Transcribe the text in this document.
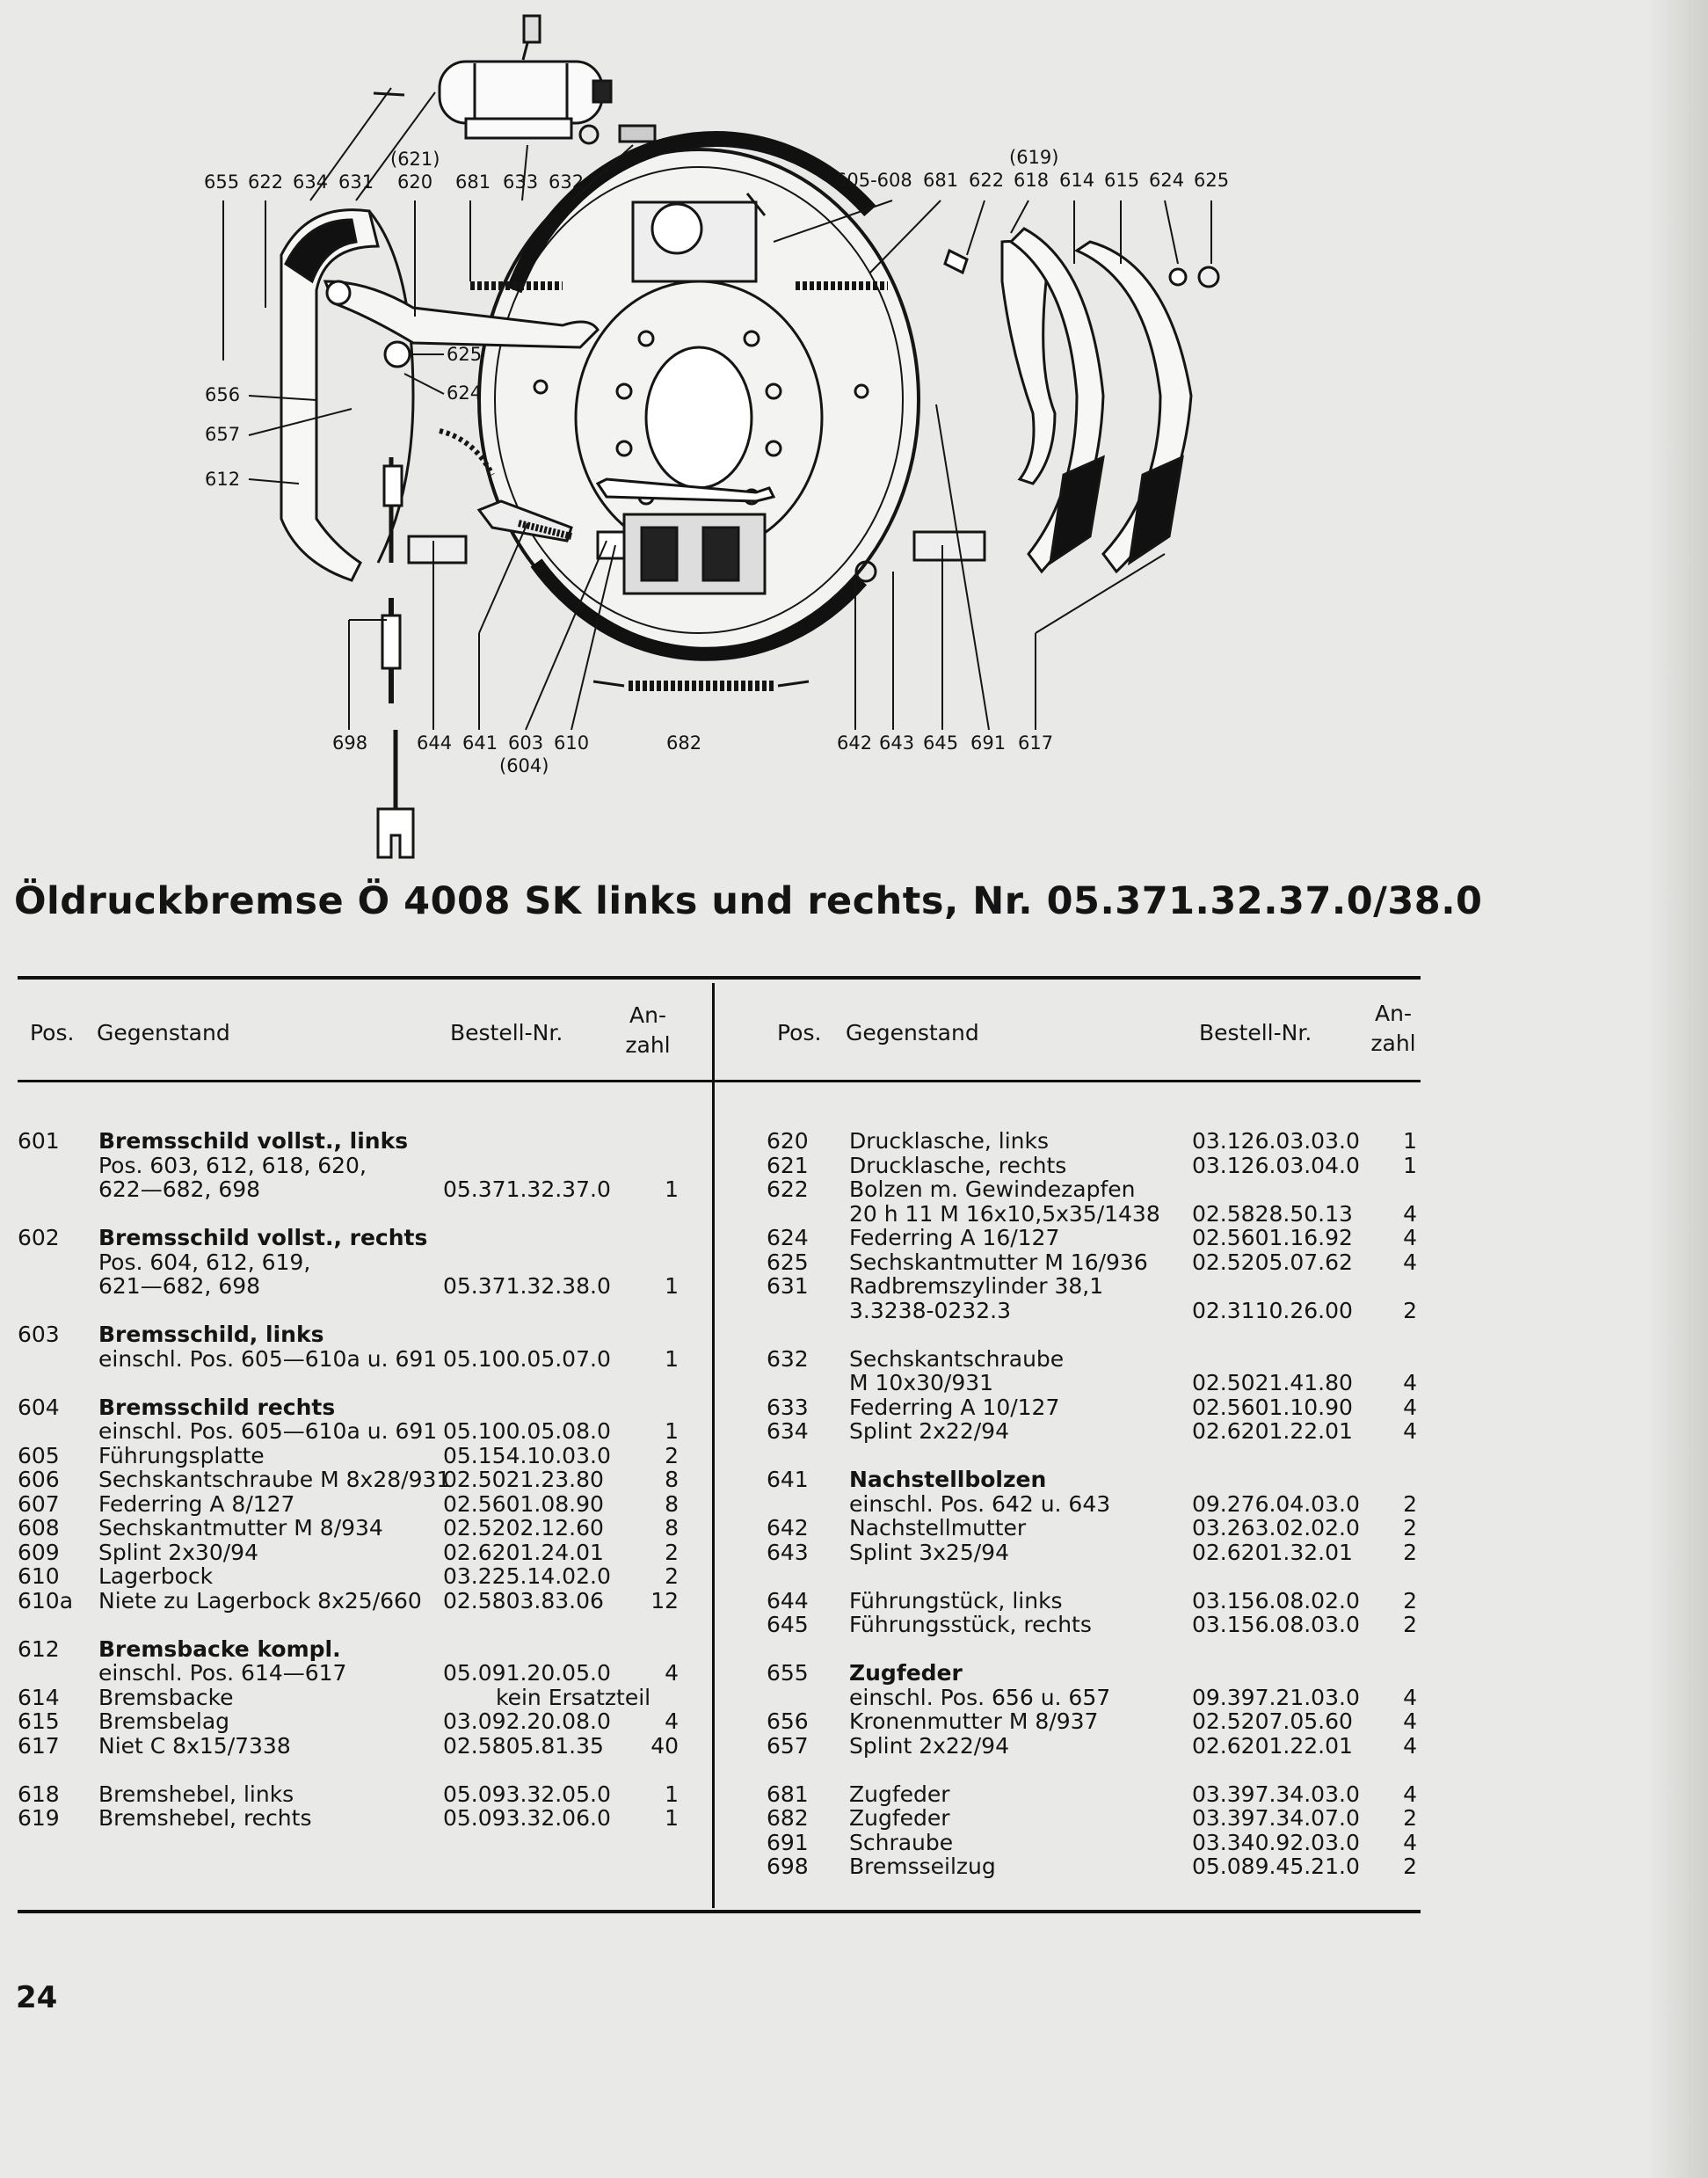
655 622 634 631 620 681 633 632
(621)
605-608 681 622 618 614 615 624 625
(619)
625
624
656
657
612
698	644 641 603 610
(604)
682	642 643 645 691 617
Öldruckbremse Ö 4008 SK links und rechts, Nr. 05.371.32.37.0/38.0
Pos. Gegenstand	Bestell-Nr.
An-
zahl	Pos. Gegenstand	Bestell-Nr.
An-
zahl
601	Bremsschild vollst., links
Pos. 603, 612, 618, 620,
622—682, 698	05.371.32.37.0	1
602	Bremsschild vollst., rechts
Pos. 604, 612, 619,
621—682, 698	05.371.32.38.0	1
603	Bremsschild, links
einschl. Pos. 605—610a u. 691 05.100.05.07.0	1
604	Bremsschild rechts
einschl. Pos. 605—610a u. 691 05.100.05.08.0	1
605	Führungsplatte	05.154.10.03.0	2
606	Sechskantschraube M 8x28/931
02.5021.23.80	8
607	Federring A 8/127	02.5601.08.90	8
608	Sechskantmutter M 8/934	02.5202.12.60	8
609	Splint 2x30/94	02.6201.24.01	2
610	Lagerbock	03.225.14.02.0	2
610a	Niete zu Lagerbock 8x25/660 02.5803.83.06	12
612	Bremsbacke kompl.
einschl. Pos. 614—617	05.091.20.05.0	4
614	Bremsbacke	kein Ersatzteil
615	Bremsbelag	03.092.20.08.0	4
617	Niet C 8x15/7338	02.5805.81.35	40
618	Bremshebel, links	05.093.32.05.0	1
619	Bremshebel, rechts	05.093.32.06.0	1
620	Drucklasche, links	03.126.03.03.0	1
621	Drucklasche, rechts	03.126.03.04.0	1
622	Bolzen m. Gewindezapfen
20 h 11 M 16x10,5x35/1438	02.5828.50.13	4
624	Federring A 16/127	02.5601.16.92	4
625	Sechskantmutter M 16/936	02.5205.07.62	4
631	Radbremszylinder 38,1
3.3238-0232.3	02.3110.26.00	2
632	Sechskantschraube
M 10x30/931	02.5021.41.80	4
633	Federring A 10/127	02.5601.10.90	4
634	Splint 2x22/94	02.6201.22.01	4
641	Nachstellbolzen
einschl. Pos. 642 u. 643	09.276.04.03.0	2
642	Nachstellmutter	03.263.02.02.0	2
643	Splint 3x25/94	02.6201.32.01	2
644	Führungstück, links	03.156.08.02.0	2
645	Führungsstück, rechts	03.156.08.03.0	2
655	Zugfeder
einschl. Pos. 656 u. 657	09.397.21.03.0	4
656	Kronenmutter M 8/937	02.5207.05.60	4
657	Splint 2x22/94	02.6201.22.01	4
681	Zugfeder	03.397.34.03.0	4
682	Zugfeder	03.397.34.07.0	2
691	Schraube	03.340.92.03.0	4
698	Bremsseilzug	05.089.45.21.0	2
24
